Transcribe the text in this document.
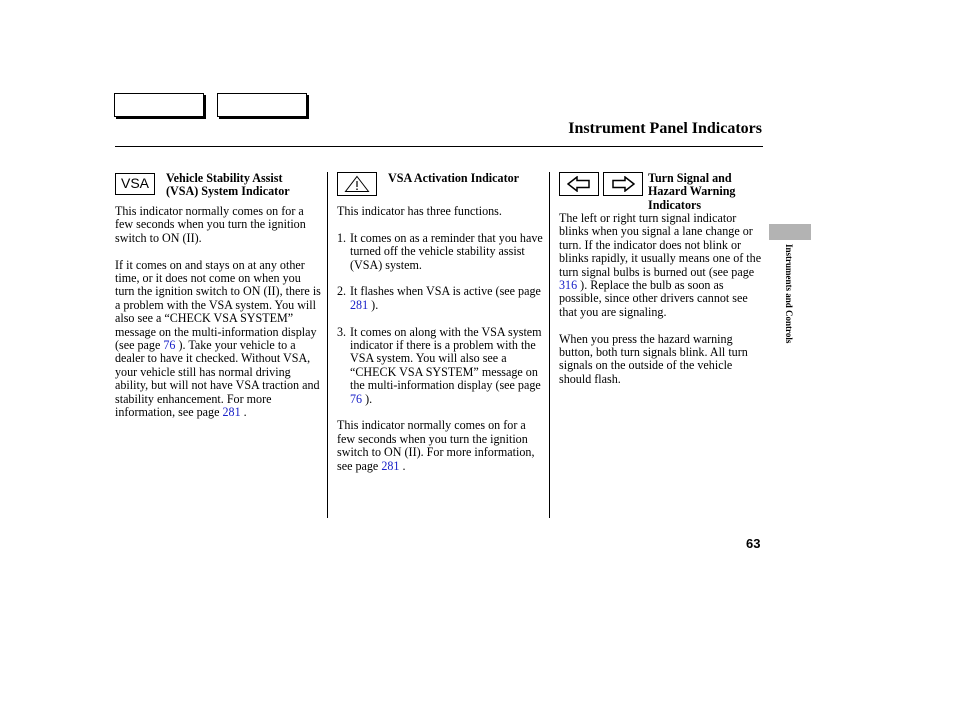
Instrument Panel Indicators
VSA Vehicle Stability Assist
(VSA) System Indicator

This indicator normally comes on for a few seconds when you turn the ignition switch to ON (II).

If it comes on and stays on at any other time, or it does not come on when you turn the ignition switch to ON (II), there is a problem with the VSA system. You will also see a “CHECK VSA SYSTEM” message on the multi-information display (see page 76 ). Take your vehicle to a dealer to have it checked. Without VSA, your vehicle still has normal driving ability, but will not have VSA traction and stability enhancement. For more information, see page 281 .

VSA Activation Indicator

This indicator has three functions.

1. It comes on as a reminder that you have turned off the vehicle stability assist (VSA) system.
2. It flashes when VSA is active (see page 281 ).
3. It comes on along with the VSA system indicator if there is a problem with the VSA system. You will also see a “CHECK VSA SYSTEM” message on the multi-information display (see page 76 ).

This indicator normally comes on for a few seconds when you turn the ignition switch to ON (II). For more information, see page 281 .

Turn Signal and
Hazard Warning
Indicators

The left or right turn signal indicator blinks when you signal a lane change or turn. If the indicator does not blink or blinks rapidly, it usually means one of the turn signal bulbs is burned out (see page 316 ). Replace the bulb as soon as possible, since other drivers cannot see that you are signaling.

When you press the hazard warning button, both turn signals blink. All turn signals on the outside of the vehicle should flash.

Instruments and Controls
63
